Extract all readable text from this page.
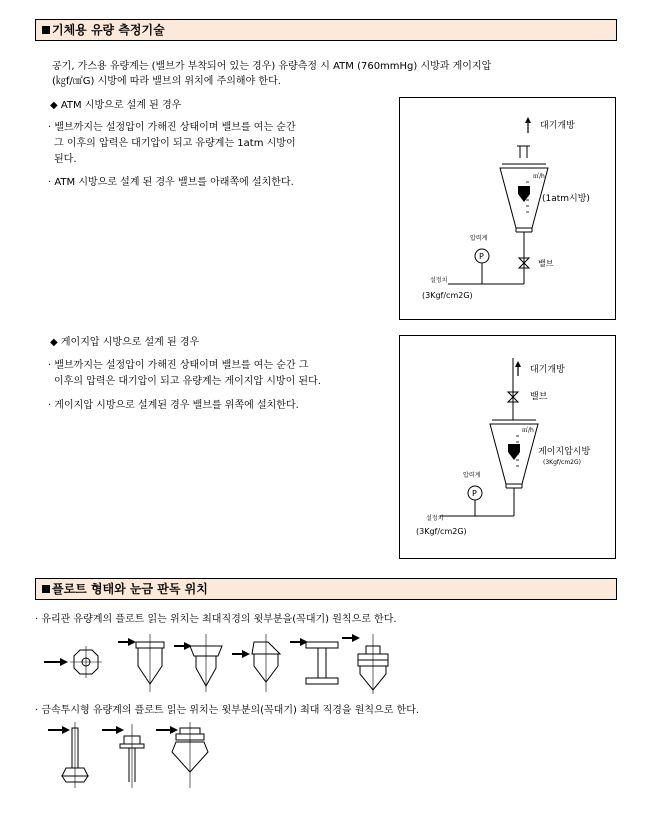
기체용 유량 측정기술
공기, 가스용 유량계는 (밸브가 부착되어 있는 경우) 유량측정 시 ATM (760mmHg) 시방과 게이지압
(㎏f/㎠G) 시방에 따라 밸브의 위치에 주의해야 한다.
◆ ATM 시방으로 설계 된 경우
· 밸브까지는 설정압이 가해진 상태이며 밸브를 여는 순간
그 이후의 압력은 대기압이 되고 유량계는 1atm 시방이
된다.
· ATM 시방으로 설계 된 경우 밸브를 아래쪽에 설치한다.
대기개방
㎥/h
(1atm시방)
밸브
P
압력계
설정치
(3Kgf/cm2G)
◆ 게이지압 시방으로 설계 된 경우
· 밸브까지는 설정압이 가해진 상태이며 밸브를 여는 순간 그
이후의 압력은 대기압이 되고 유량계는 게이지압 시방이 된다.
· 게이지압 시방으로 설계된 경우 밸브를 위쪽에 설치한다.
대기개방
밸브
㎥/h
게이지압시방
(3Kgf/cm2G)
P
압력계
설정치
(3Kgf/cm2G)
플로트 형태와 눈금 판독 위치
· 유리관 유량계의 플로트 읽는 위치는 최대직경의 윗부분을(꼭대기) 원칙으로 한다.
· 금속투시형 유량계의 플로트 읽는 위치는 윗부분의(꼭대기) 최대 직경을 원칙으로 한다.
